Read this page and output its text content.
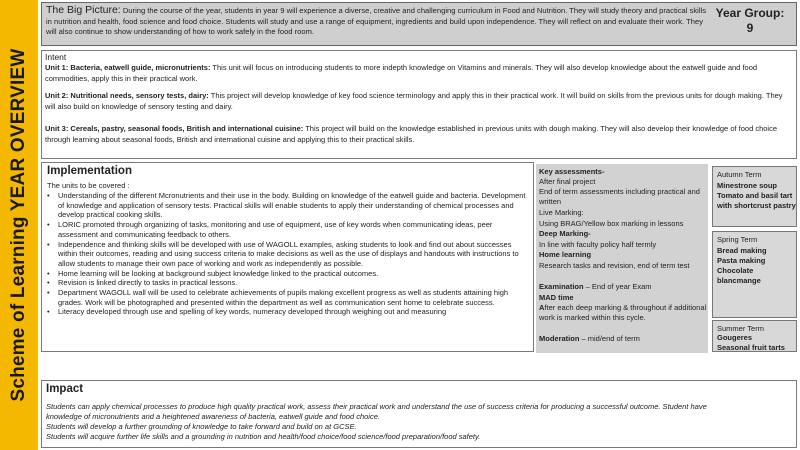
Scheme of Learning YEAR OVERVIEW
The Big Picture: During the course of the year, students in year 9 will experience a diverse, creative and challenging curriculum in Food and Nutrition. They will study theory and practical skills in nutrition and health, food science and food choice. Students will study and use a range of equipment, ingredients and build upon independence. They will reflect on and evaluate their work. They will also continue to show understanding of how to work safely in the food room.
Year Group:
9
Intent
Unit 1: Bacteria, eatwell guide, micronutrients: This unit will focus on introducing students to more indepth knowledge on Vitamins and minerals. They will also develop knowledge about the eatwell guide and food commodities, apply this in their practical work.
Unit 2: Nutritional needs, sensory tests, dairy: This project will develop knowledge of key food science terminology and apply this in their practical work. It will build on skills from the previous units for dough making. They will also build on knowledge of sensory testing and dairy.
Unit 3: Cereals, pastry, seasonal foods, British and international cuisine: This project will build on the knowledge established in previous units with dough making. They will also develop their knowledge of food choice through learning about seasonal foods, British and international cuisine and applying this to their practical skills.
Implementation
The units to be covered :
• Understanding of the different Mcronutrients and their use in the body. Building on knowledge of the eatwell guide and bacteria. Development of knowledge and application of sensory tests. Practical skills will enable students to apply their understanding of chemical processes and develop practical cooking skills.
• LORIC promoted through organizing of tasks, monitoring and use of equipment, use of key words when communicating ideas, peer assessment and communicating feedback to others.
• Independence and thinking skills will be developed with use of WAGOLL examples, asking students to look and find out about successes within their outcomes, reading and using success criteria to make decisions as well as the use of displays and handouts with instructions to allow students to manage their own pace of working and work as independently as possible.
• Home learning will be looking at background subject knowledge linked to the practical outcomes.
• Revision is linked directly to tasks in practical lessons.
• Department WAGOLL wall will be used to celebrate achievements of pupils making excellent progress as well as students attaining high grades. Work will be photographed and presented within the department as well as communication sent home to celebrate success.
• Literacy developed through use and spelling of key words, numeracy developed through weighing out and measuring
Key assessments-
After final project
End of term assessments including practical and written
Live Marking:
Using BRAG/Yellow box marking in lessons
Deep Marking-
In line with faculty policy half termly
Home learning
Research tasks and revision, end of term test
Examination – End of year Exam
MAD time
After each deep marking & throughout if additional work is marked within this cycle.
Moderation – mid/end of term
Autumn Term
Minestrone soup
Tomato and basil tart with shortcrust pastry
Spring Term
Bread making
Pasta making
Chocolate blancmange
Summer Term
Gougeres
Seasonal fruit tarts
Impact
Students can apply chemical processes to produce high quality practical work, assess their practical work and understand the use of success criteria for producing a successful outcome. Student have
knowledge of micronutrients and a heightened awareness of bacteria, eatwell guide and food choice.
Students will develop a further grounding of knowledge to take forward and build on at GCSE.
Students will acquire further life skills and a grounding in nutrition and health/food choice/food science/food preparation/food safety.
